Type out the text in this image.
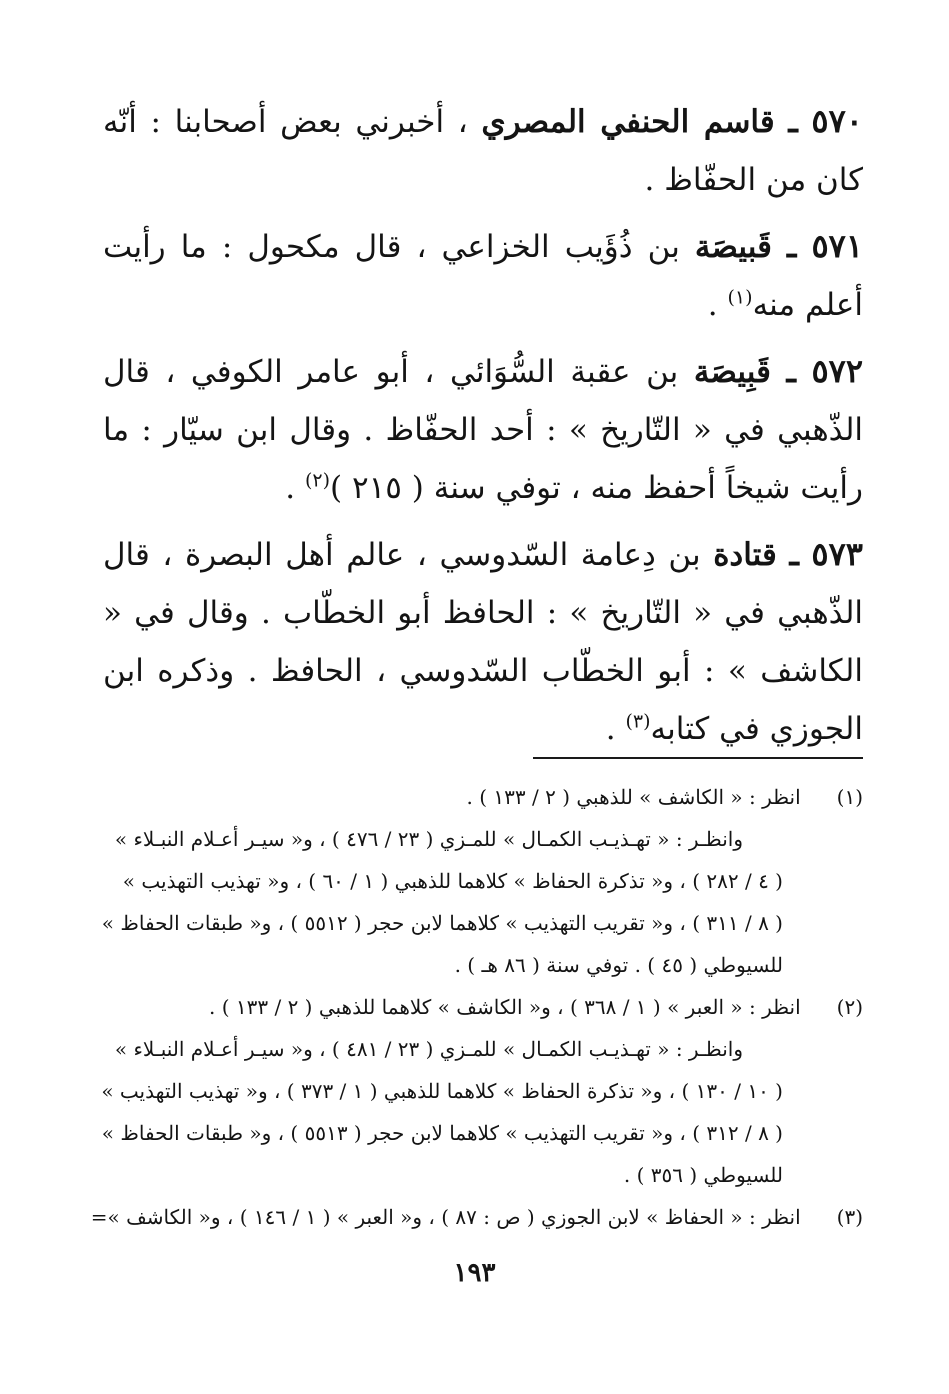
٥٧٠ ـ قاسم الحنفي المصري ، أخبرني بعض أصحابنا : أنّه كان من الحفّاظ .

٥٧١ ـ قَبيصَة بن ذُؤَيب الخزاعي ، قال مكحول : ما رأيت أعلم منه$^{(١)}$ .

٥٧٢ ـ قَبِيصَة بن عقبة السُّوَائي ، أبو عامر الكوفي ، قال الذّهبي في « التّاريخ » : أحد الحفّاظ . وقال ابن سيّار : ما رأيت شيخاً أحفظ منه ، توفي سنة ( ٢١٥ )$^{(٢)}$ .

٥٧٣ ـ قتادة بن دِعامة السّدوسي ، عالم أهل البصرة ، قال الذّهبي في « التّاريخ » : الحافظ أبو الخطّاب . وقال في « الكاشف » : أبو الخطّاب السّدوسي ، الحافظ . وذكره ابن الجوزي في كتابه$^{(٣)}$ .

(١) انظر : « الكاشف » للذهبي ( ٢ / ١٣٣ ) .
وانظـر : « تهـذيـب الكمـال » للمـزي ( ٢٣ / ٤٧٦ ) ، و« سيـر أعـلام النبـلاء »
( ٤ / ٢٨٢ ) ، و« تذكرة الحفاظ » كلاهما للذهبي ( ١ / ٦٠ ) ، و« تهذيب التهذيب »
( ٨ / ٣١١ ) ، و« تقريب التهذيب » كلاهما لابن حجر ( ٥٥١٢ ) ، و« طبقات الحفاظ »
للسيوطي ( ٤٥ ) . توفي سنة ( ٨٦ هـ ) .
(٢) انظر : « العبر » ( ١ / ٣٦٨ ) ، و« الكاشف » كلاهما للذهبي ( ٢ / ١٣٣ ) .
وانظـر : « تهـذيـب الكمـال » للمـزي ( ٢٣ / ٤٨١ ) ، و« سيـر أعـلام النبـلاء »
( ١٠ / ١٣٠ ) ، و« تذكرة الحفاظ » كلاهما للذهبي ( ١ / ٣٧٣ ) ، و« تهذيب التهذيب »
( ٨ / ٣١٢ ) ، و« تقريب التهذيب » كلاهما لابن حجر ( ٥٥١٣ ) ، و« طبقات الحفاظ »
للسيوطي ( ٣٥٦ ) .
(٣) انظر : « الحفاظ » لابن الجوزي ( ص : ٨٧ ) ، و« العبر » ( ١ / ١٤٦ ) ، و« الكاشف »=
١٩٣
